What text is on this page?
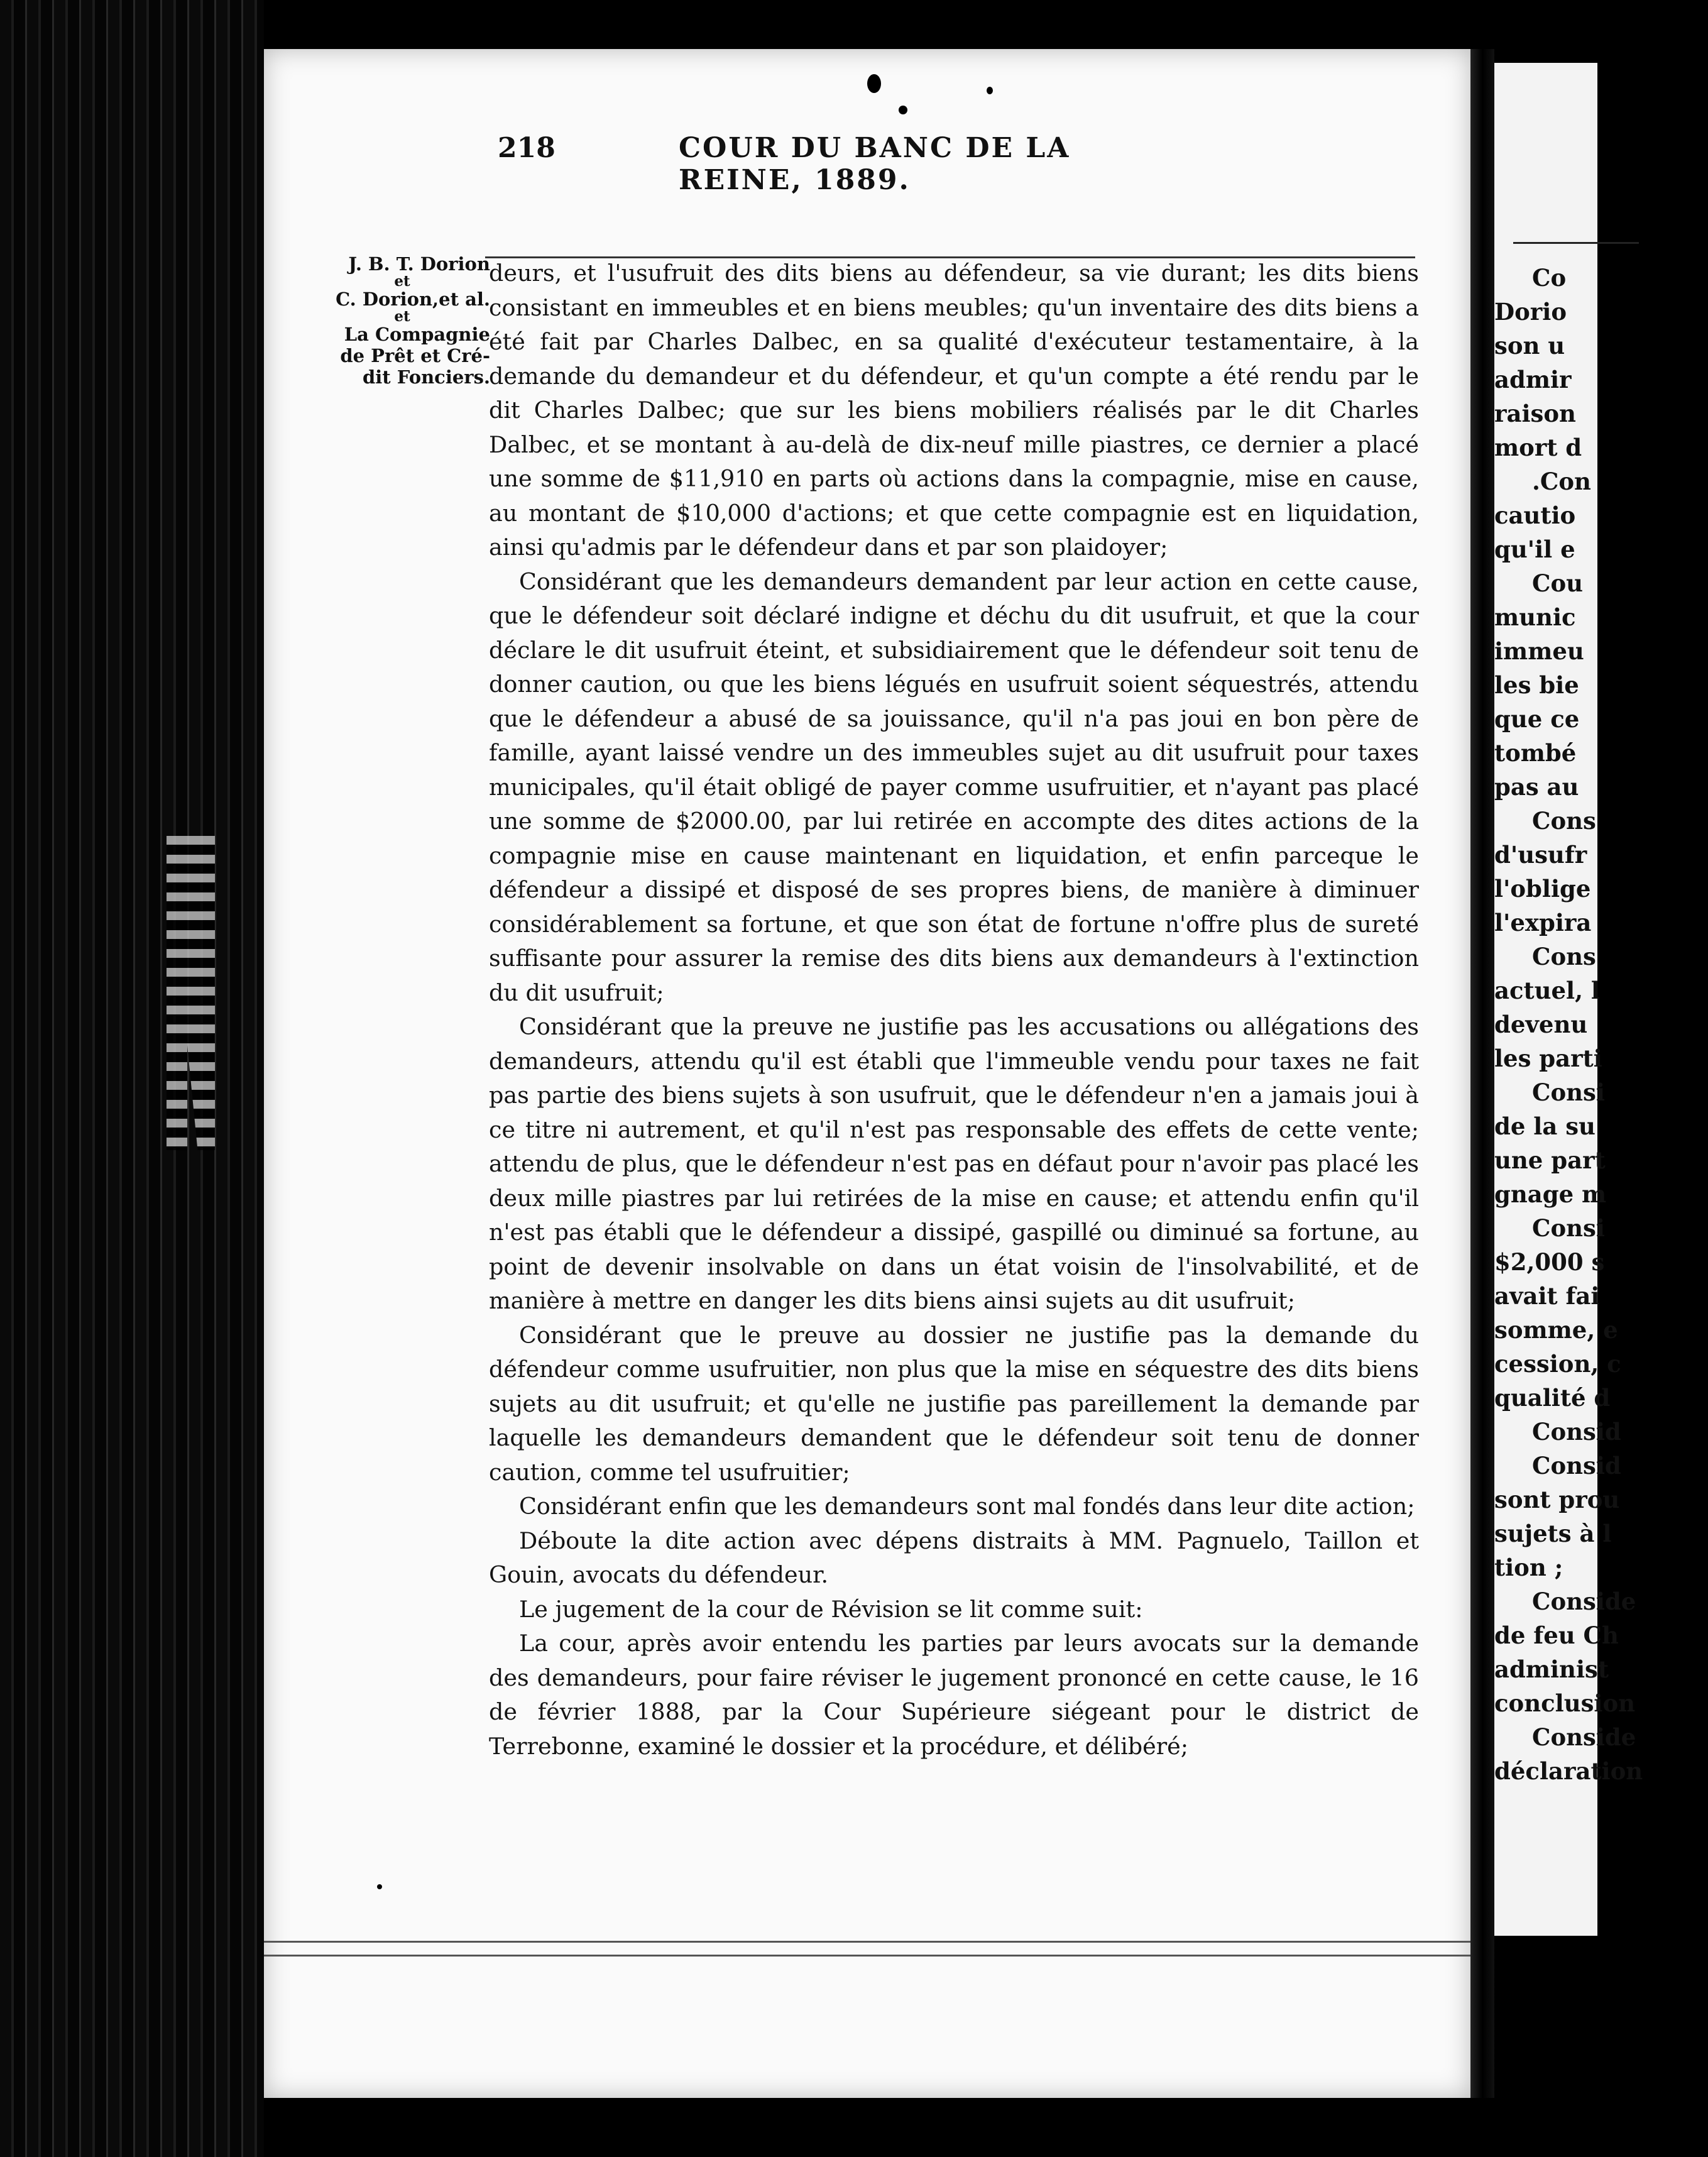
218	COUR DU BANC DE LA REINE, 1889.
J. B. T. Dorion
et
C. Dorion,et al.
et
La Compagnie
de Prêt et Cré-
dit Fonciers.

deurs, et l'usufruit des dits biens au défendeur, sa vie durant; les dits biens consistant en immeubles et en biens meubles; qu'un inventaire des dits biens a été fait par Charles Dalbec, en sa qualité d'exécuteur testamentaire, à la demande du demandeur et du défendeur, et qu'un compte a été rendu par le dit Charles Dalbec; que sur les biens mobiliers réalisés par le dit Charles Dalbec, et se montant à au-delà de dix-neuf mille piastres, ce dernier a placé une somme de $11,910 en parts où actions dans la compagnie, mise en cause, au montant de $10,000 d'actions; et que cette compagnie est en liquidation, ainsi qu'admis par le défendeur dans et par son plaidoyer;

Considérant que les demandeurs demandent par leur action en cette cause, que le défendeur soit déclaré indigne et déchu du dit usufruit, et que la cour déclare le dit usufruit éteint, et subsidiairement que le défendeur soit tenu de donner caution, ou que les biens légués en usufruit soient séquestrés, attendu que le défendeur a abusé de sa jouissance, qu'il n'a pas joui en bon père de famille, ayant laissé vendre un des immeubles sujet au dit usufruit pour taxes municipales, qu'il était obligé de payer comme usufruitier, et n'ayant pas placé une somme de $2000.00, par lui retirée en accompte des dites actions de la compagnie mise en cause maintenant en liquidation, et enfin parceque le défendeur a dissipé et disposé de ses propres biens, de manière à diminuer considérablement sa fortune, et que son état de fortune n'offre plus de sureté suffisante pour assurer la remise des dits biens aux demandeurs à l'extinction du dit usufruit;

Considérant que la preuve ne justifie pas les accusations ou allégations des demandeurs, attendu qu'il est établi que l'immeuble vendu pour taxes ne fait pas partie des biens sujets à son usufruit, que le défendeur n'en a jamais joui à ce titre ni autrement, et qu'il n'est pas responsable des effets de cette vente; attendu de plus, que le défendeur n'est pas en défaut pour n'avoir pas placé les deux mille piastres par lui retirées de la mise en cause; et attendu enfin qu'il n'est pas établi que le défendeur a dissipé, gaspillé ou diminué sa fortune, au point de devenir insolvable on dans un état voisin de l'insolvabilité, et de manière à mettre en danger les dits biens ainsi sujets au dit usufruit;

Considérant que le preuve au dossier ne justifie pas la demande du défendeur comme usufruitier, non plus que la mise en séquestre des dits biens sujets au dit usufruit; et qu'elle ne justifie pas pareillement la demande par laquelle les demandeurs demandent que le défendeur soit tenu de donner caution, comme tel usufruitier;

Considérant enfin que les demandeurs sont mal fondés dans leur dite action;

Déboute la dite action avec dépens distraits à MM. Pagnuelo, Taillon et Gouin, avocats du défendeur.

Le jugement de la cour de Révision se lit comme suit:

La cour, après avoir entendu les parties par leurs avocats sur la demande des demandeurs, pour faire réviser le jugement prononcé en cette cause, le 16 de février 1888, par la Cour Supérieure siégeant pour le district de Terrebonne, examiné le dossier et la procédure, et délibéré;

Co
Dorio
son u
admir
raison
mort d
.Con
cautio
qu'il e
Cou
munic
immeu
les bie
que ce
tombé
pas au
Cons
d'usufr
l'oblige
l'expira
Cons
actuel, l
devenu
les parti
Consi
de la su
une part
gnage m
Consi
$2,000 s
avait fai
somme, e
cession, c
qualité d
Consid
Consid
sont prou
sujets à l
tion ;
Conside
de feu Ch
administ
conclusion
Conside
déclaration
